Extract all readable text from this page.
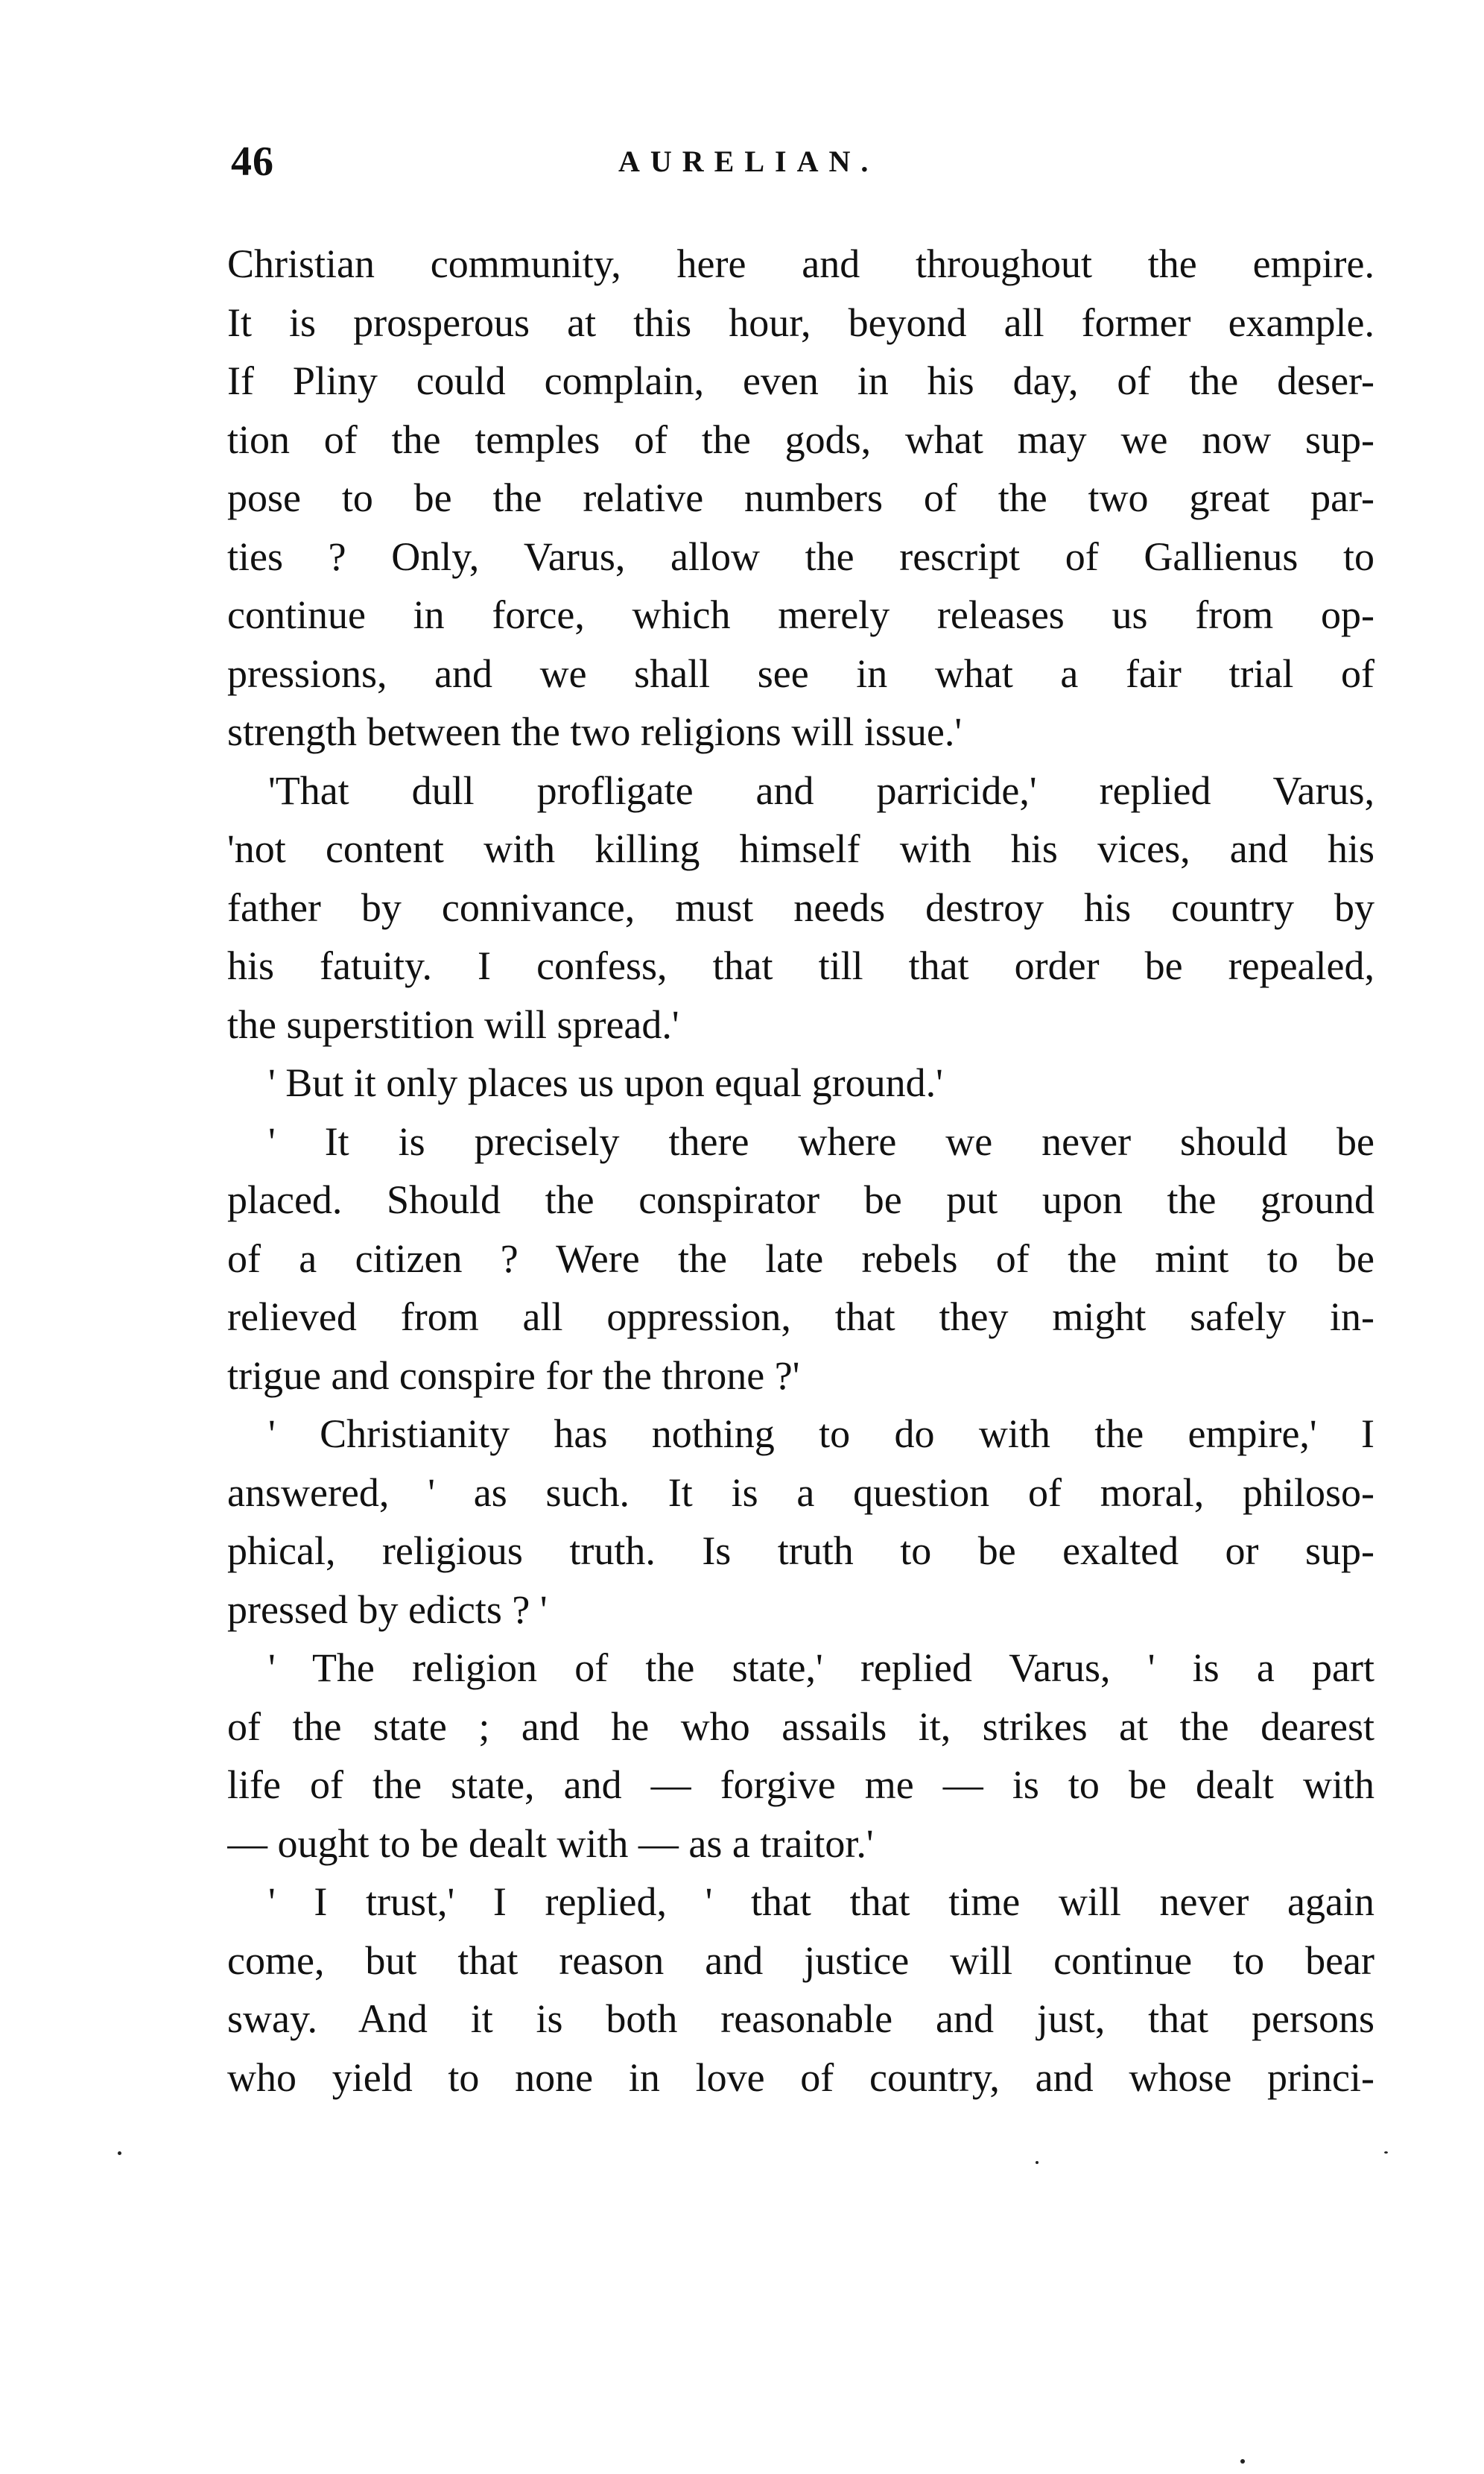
46	AURELIAN.
Christian community, here and throughout the empire.
It is prosperous at this hour, beyond all former example.
If Pliny could complain, even in his day, of the deser-
tion of the temples of the gods, what may we now sup-
pose to be the relative numbers of the two great par-
ties ? Only, Varus, allow the rescript of Gallienus to
continue in force, which merely releases us from op-
pressions, and we shall see in what a fair trial of
strength between the two religions will issue.'
'That dull profligate and parricide,' replied Varus,
'not content with killing himself with his vices, and his
father by connivance, must needs destroy his country by
his fatuity. I confess, that till that order be repealed,
the superstition will spread.'
' But it only places us upon equal ground.'
' It is precisely there where we never should be
placed. Should the conspirator be put upon the ground
of a citizen ? Were the late rebels of the mint to be
relieved from all oppression, that they might safely in-
trigue and conspire for the throne ?'
' Christianity has nothing to do with the empire,' I
answered, ' as such. It is a question of moral, philoso-
phical, religious truth. Is truth to be exalted or sup-
pressed by edicts ? '
' The religion of the state,' replied Varus, ' is a part
of the state ; and he who assails it, strikes at the dearest
life of the state, and — forgive me — is to be dealt with
— ought to be dealt with — as a traitor.'
' I trust,' I replied, ' that that time will never again
come, but that reason and justice will continue to bear
sway. And it is both reasonable and just, that persons
who yield to none in love of country, and whose princi-
